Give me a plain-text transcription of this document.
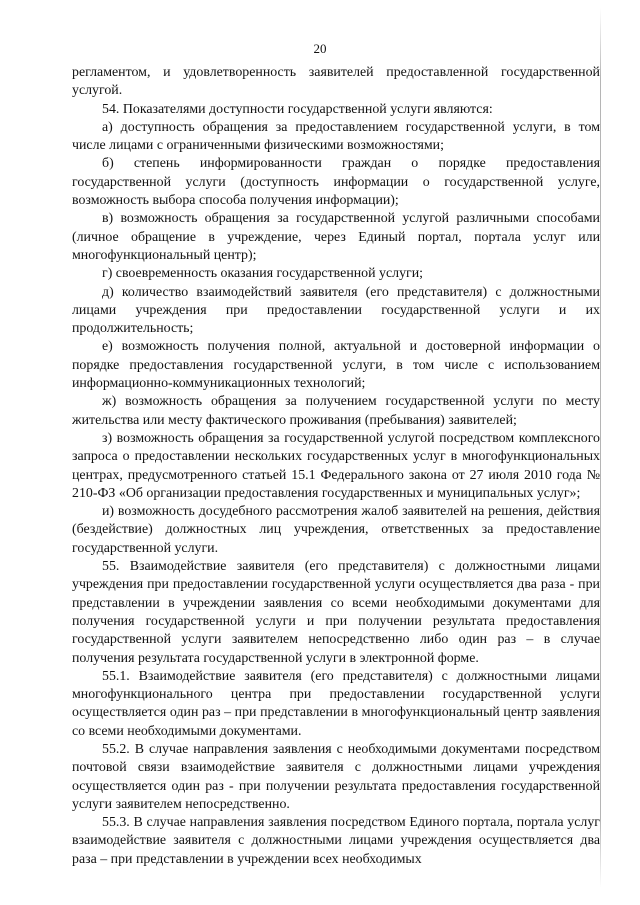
20

регламентом, и удовлетворенность заявителей предоставленной государственной услугой.

54. Показателями доступности государственной услуги являются:

а) доступность обращения за предоставлением государственной услуги, в том числе лицами с ограниченными физическими возможностями;

б) степень информированности граждан о порядке предоставления государственной услуги (доступность информации о государственной услуге, возможность выбора способа получения информации);

в) возможность обращения за государственной услугой различными способами (личное обращение в учреждение, через Единый портал, портала услуг или многофункциональный центр);

г) своевременность оказания государственной услуги;

д) количество взаимодействий заявителя (его представителя) с должностными лицами учреждения при предоставлении государственной услуги и их продолжительность;

е) возможность получения полной, актуальной и достоверной информации о порядке предоставления государственной услуги, в том числе с использованием информационно-коммуникационных технологий;

ж) возможность обращения за получением государственной услуги по месту жительства или месту фактического проживания (пребывания) заявителей;

з) возможность обращения за государственной услугой посредством комплексного запроса о предоставлении нескольких государственных услуг в многофункциональных центрах, предусмотренного статьей 15.1 Федерального закона от 27 июля 2010 года № 210-ФЗ «Об организации предоставления государственных и муниципальных услуг»;

и) возможность досудебного рассмотрения жалоб заявителей на решения, действия (бездействие) должностных лиц учреждения, ответственных за предоставление государственной услуги.

55. Взаимодействие заявителя (его представителя) с должностными лицами учреждения при предоставлении государственной услуги осуществляется два раза - при представлении в учреждении заявления со всеми необходимыми документами для получения государственной услуги и при получении результата предоставления государственной услуги заявителем непосредственно либо один раз – в случае получения результата государственной услуги в электронной форме.

55.1. Взаимодействие заявителя (его представителя) с должностными лицами многофункционального центра при предоставлении государственной услуги осуществляется один раз – при представлении в многофункциональный центр заявления со всеми необходимыми документами.

55.2. В случае направления заявления с необходимыми документами посредством почтовой связи взаимодействие заявителя с должностными лицами учреждения осуществляется один раз - при получении результата предоставления государственной услуги заявителем непосредственно.

55.3. В случае направления заявления посредством Единого портала, портала услуг взаимодействие заявителя с должностными лицами учреждения осуществляется два раза – при представлении в учреждении всех необходимых
